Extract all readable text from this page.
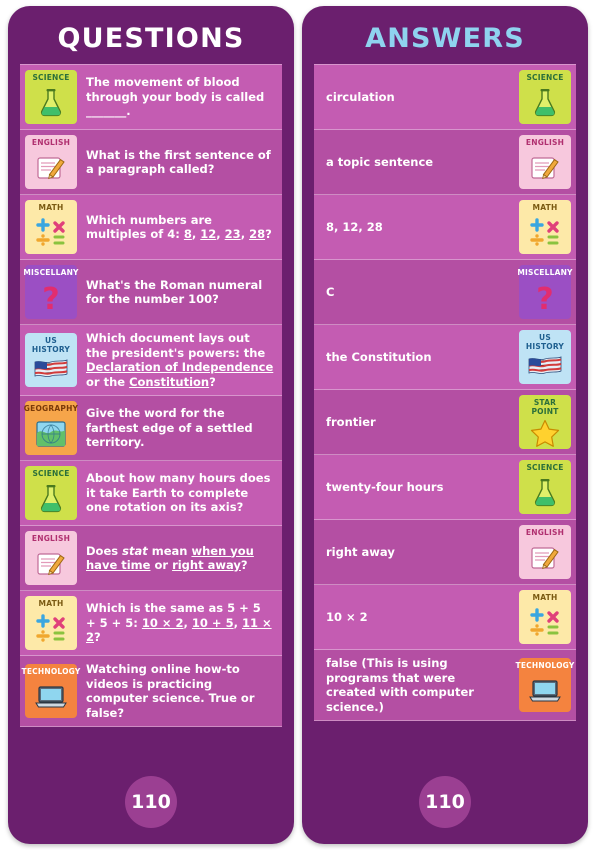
QUESTIONS
SCIENCE The movement of blood through your body is called _______.
ENGLISH
What is the first sentence of a paragraph called?
MATH
Which numbers are multiples of 4: 8, 12, 23, 28?
MISCELLANY
? What's the Roman numeral for the number 100?
US HISTORY
Which document lays out the president's powers: the Declaration of Independence or the Constitution?
GEOGRAPHY Give the word for the farthest edge of a settled territory.
SCIENCE About how many hours does it take Earth to complete one rotation on its axis?
ENGLISH
Does stat mean when you have time or right away?
MATH Which is the same as 5 + 5 + 5 + 5: 10 × 2, 10 + 5, 11 × 2?
TECHNOLOGY Watching online how-to videos is practicing computer science. True or false?
110
ANSWERS
circulation
SCIENCE
a topic sentence
ENGLISH
8, 12, 28
MATH
C
MISCELLANY
?
the Constitution
US HISTORY
frontier
STAR
POINT
twenty-four hours
SCIENCE
right away
ENGLISH
10 × 2
MATH
false (This is using programs that were created with computer science.)
TECHNOLOGY
110
